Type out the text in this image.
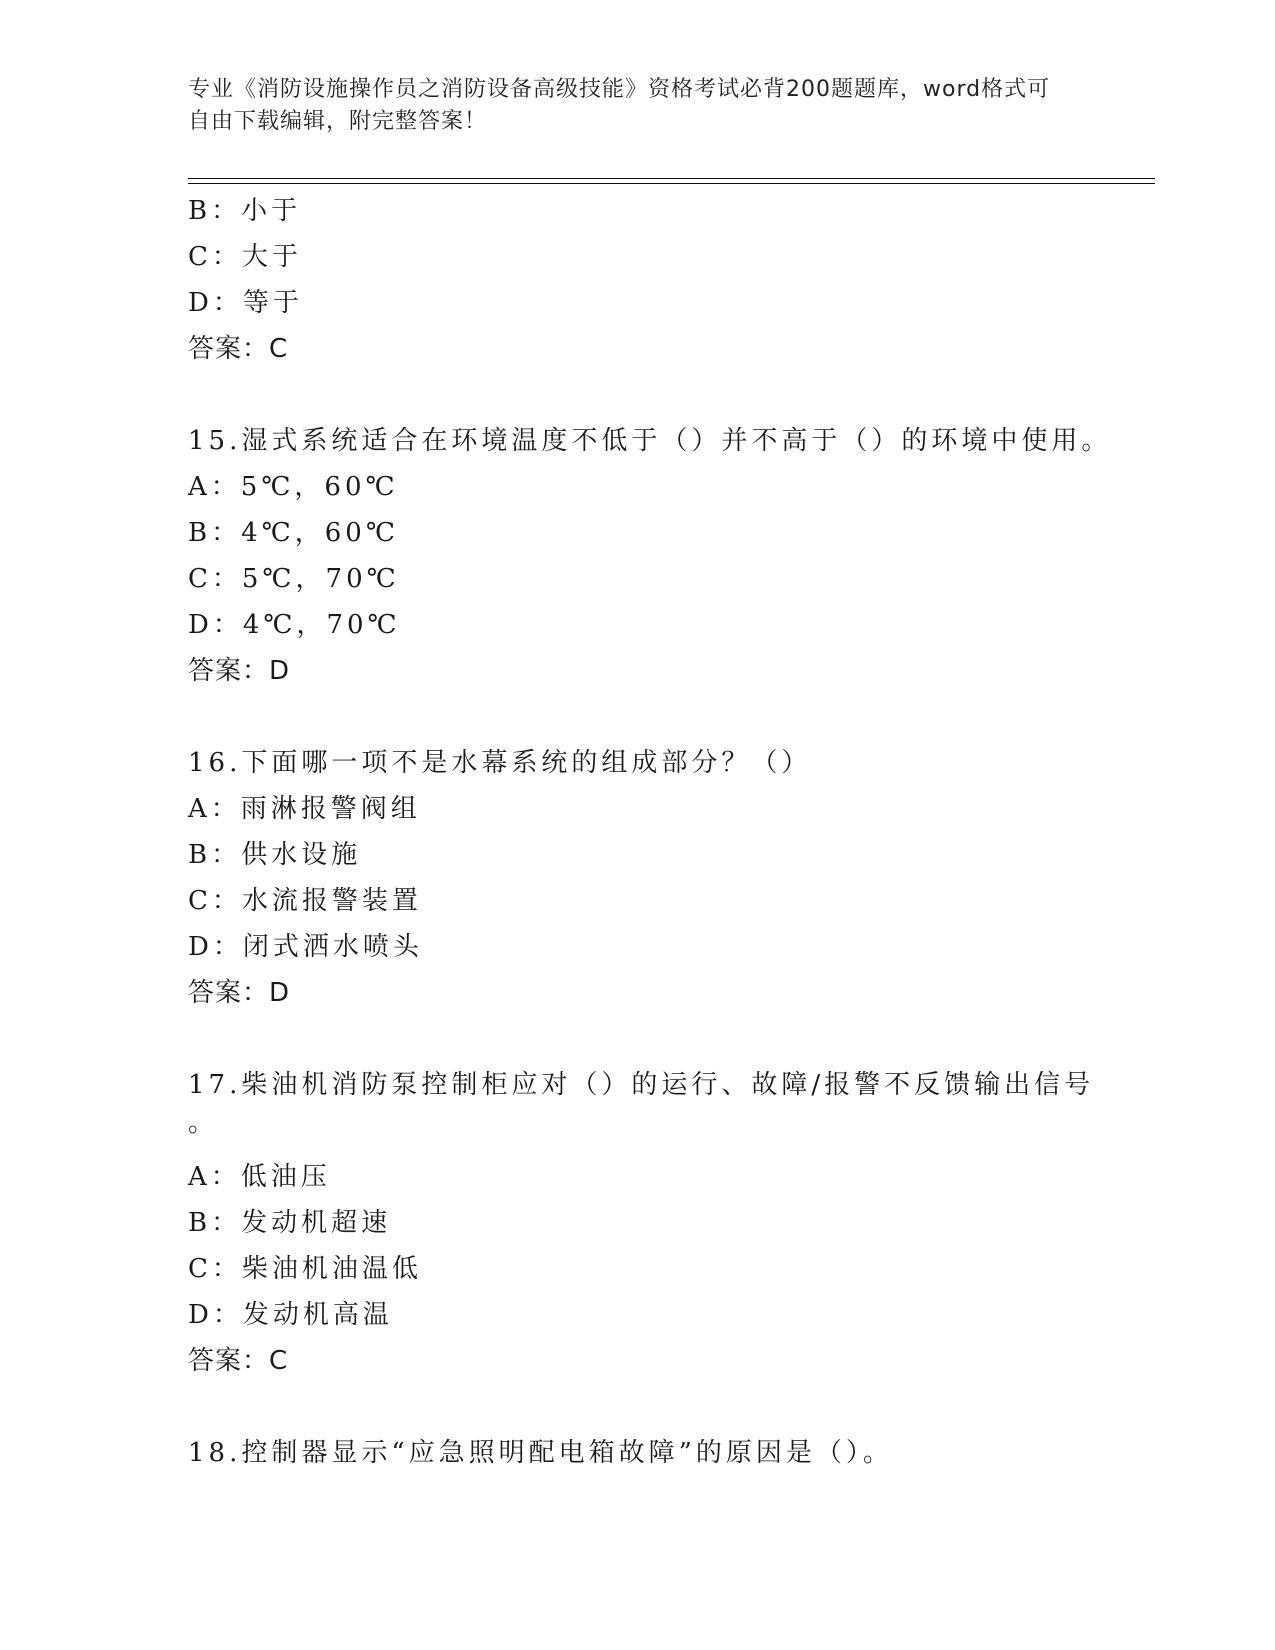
专业《消防设施操作员之消防设备高级技能》资格考试必背200题题库，word格式可自由下载编辑，附完整答案！
B：小于
C：大于
D：等于
答案：C
15.湿式系统适合在环境温度不低于（）并不高于（）的环境中使用。
A：5℃，60℃
B：4℃，60℃
C：5℃，70℃
D：4℃，70℃
答案：D
16.下面哪一项不是水幕系统的组成部分？（）
A：雨淋报警阀组
B：供水设施
C：水流报警装置
D：闭式洒水喷头
答案：D
17.柴油机消防泵控制柜应对（）的运行、故障/报警不反馈输出信号
。
A：低油压
B：发动机超速
C：柴油机油温低
D：发动机高温
答案：C
18.控制器显示“应急照明配电箱故障”的原因是（）。
